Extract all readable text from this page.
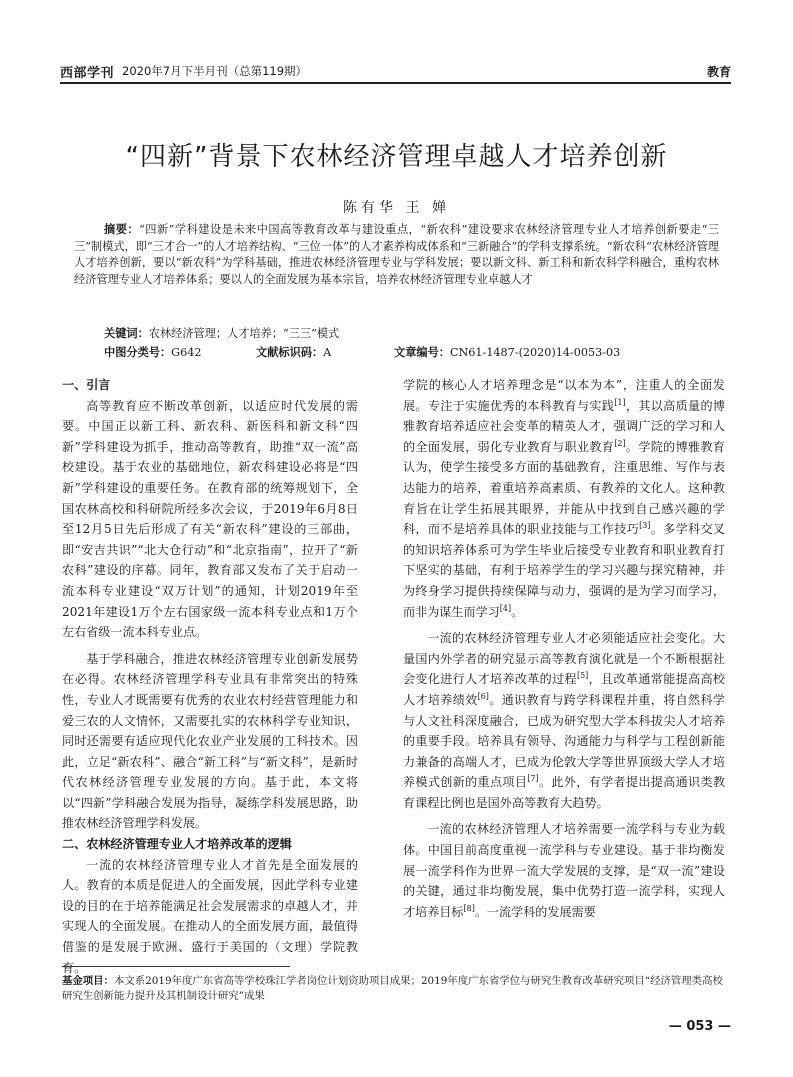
西部学刊 2020年7月下半月刊（总第119期）	教育
“四新”背景下农林经济管理卓越人才培养创新
陈有华 王 婵
摘要：“四新”学科建设是未来中国高等教育改革与建设重点，“新农科”建设要求农林经济管理专业人才培养创新要走“三三”制模式，即“三才合一”的人才培养结构、“三位一体”的人才素养构成体系和“三新融合”的学科支撑系统。“新农科”农林经济管理人才培养创新，要以“新农科”为学科基础，推进农林经济管理专业与学科发展；要以新文科、新工科和新农科学科融合，重构农林经济管理专业人才培养体系；要以人的全面发展为基本宗旨，培养农林经济管理专业卓越人才
关键词：农林经济管理；人才培养；“三三”模式
中图分类号：G642	文献标识码：A	文章编号：CN61-1487-(2020)14-0053-03
一、引言

高等教育应不断改革创新，以适应时代发展的需要。中国正以新工科、新农科、新医科和新文科“四新”学科建设为抓手，推动高等教育，助推“双一流”高校建设。基于农业的基础地位，新农科建设必将是“四新”学科建设的重要任务。在教育部的统筹规划下，全国农林高校和科研院所经多次会议，于2019年6月8日至12月5日先后形成了有关“新农科”建设的三部曲，即“安吉共识”“北大仓行动”和“北京指南”，拉开了“新农科”建设的序幕。同年，教育部又发布了关于启动一流本科专业建设“双万计划”的通知，计划2019年至2021年建设1万个左右国家级一流本科专业点和1万个左右省级一流本科专业点。

基于学科融合，推进农林经济管理专业创新发展势在必得。农林经济管理学科专业具有非常突出的特殊性，专业人才既需要有优秀的农业农村经营管理能力和爱三农的人文情怀，又需要扎实的农林科学专业知识，同时还需要有适应现代化农业产业发展的工科技术。因此，立足“新农科”、融合“新工科”与“新文科”，是新时代农林经济管理专业发展的方向。基于此，本文将以“四新”学科融合发展为指导，凝练学科发展思路，助推农林经济管理学科发展。

二、农林经济管理专业人才培养改革的逻辑

一流的农林经济管理专业人才首先是全面发展的人。教育的本质是促进人的全面发展，因此学科专业建设的目的在于培养能满足社会发展需求的卓越人才，并实现人的全面发展。在推动人的全面发展方面，最值得借鉴的是发展于欧洲、盛行于美国的（文理）学院教育。

学院的核心人才培养理念是“以本为本”，注重人的全面发展。专注于实施优秀的本科教育与实践[1]，其以高质量的博雅教育培养适应社会变革的精英人才，强调广泛的学习和人的全面发展，弱化专业教育与职业教育[2]。学院的博雅教育认为，使学生接受多方面的基础教育，注重思维、写作与表达能力的培养，着重培养高素质、有教养的文化人。这种教育旨在让学生拓展其眼界，并能从中找到自己感兴趣的学科，而不是培养具体的职业技能与工作技巧[3]。多学科交叉的知识培养体系可为学生毕业后接受专业教育和职业教育打下坚实的基础，有利于培养学生的学习兴趣与探究精神，并为终身学习提供持续保障与动力，强调的是为学习而学习，而非为谋生而学习[4]。

一流的农林经济管理专业人才必须能适应社会变化。大量国内外学者的研究显示高等教育演化就是一个不断根据社会变化进行人才培养改革的过程[5]，且改革通常能提高高校人才培养绩效[6]。通识教育与跨学科课程并重，将自然科学与人文社科深度融合，已成为研究型大学本科拔尖人才培养的重要手段。培养具有领导、沟通能力与科学与工程创新能力兼备的高端人才，已成为伦敦大学等世界顶级大学人才培养模式创新的重点项目[7]。此外，有学者提出提高通识类教育课程比例也是国外高等教育大趋势。

一流的农林经济管理人才培养需要一流学科与专业为载体。中国目前高度重视一流学科与专业建设。基于非均衡发展一流学科作为世界一流大学发展的支撑，是“双一流”建设的关键，通过非均衡发展，集中优势打造一流学科，实现人才培养目标[8]。一流学科的发展需要

基金项目：本文系2019年度广东省高等学校珠江学者岗位计划资助项目成果；2019年度广东省学位与研究生教育改革研究项目“经济管理类高校研究生创新能力提升及其机制设计研究”成果
— 053 —
